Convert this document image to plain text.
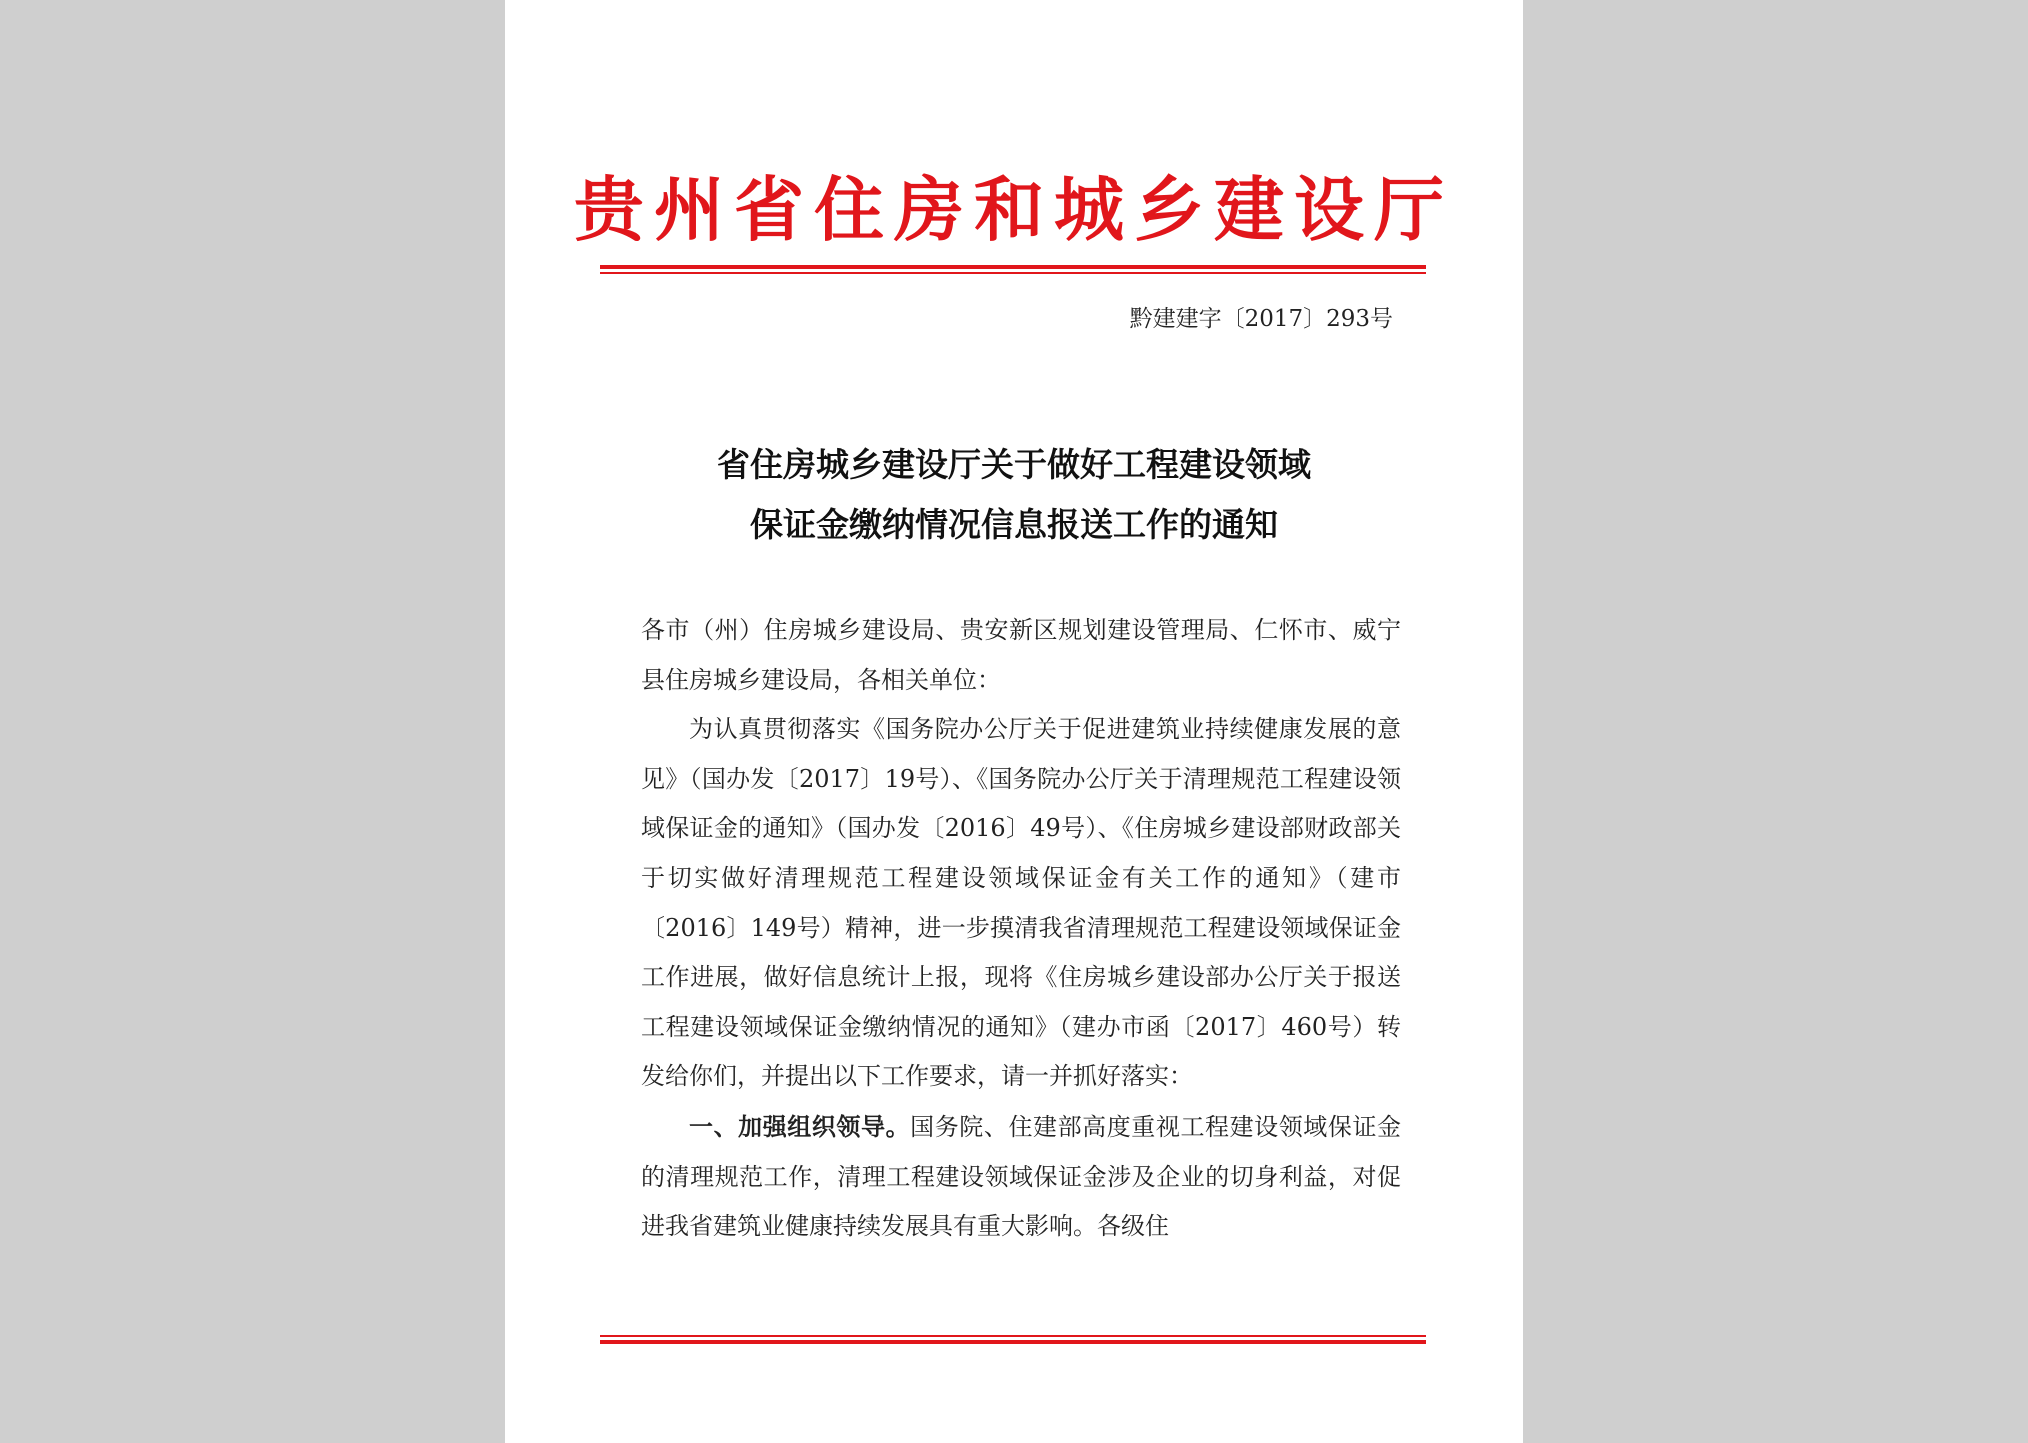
贵州省住房和城乡建设厅
黔建建字〔2017〕293号
省住房城乡建设厅关于做好工程建设领域
保证金缴纳情况信息报送工作的通知

各市（州）住房城乡建设局、贵安新区规划建设管理局、仁怀市、威宁县住房城乡建设局，各相关单位：

为认真贯彻落实《国务院办公厅关于促进建筑业持续健康发展的意见》（国办发〔2017〕19号）、《国务院办公厅关于清理规范工程建设领域保证金的通知》（国办发〔2016〕49号）、《住房城乡建设部财政部关于切实做好清理规范工程建设领域保证金有关工作的通知》（建市〔2016〕149号）精神，进一步摸清我省清理规范工程建设领域保证金工作进展，做好信息统计上报，现将《住房城乡建设部办公厅关于报送工程建设领域保证金缴纳情况的通知》（建办市函〔2017〕460号）转发给你们，并提出以下工作要求，请一并抓好落实：

一、加强组织领导。国务院、住建部高度重视工程建设领域保证金的清理规范工作，清理工程建设领域保证金涉及企业的切身利益，对促进我省建筑业健康持续发展具有重大影响。各级住
